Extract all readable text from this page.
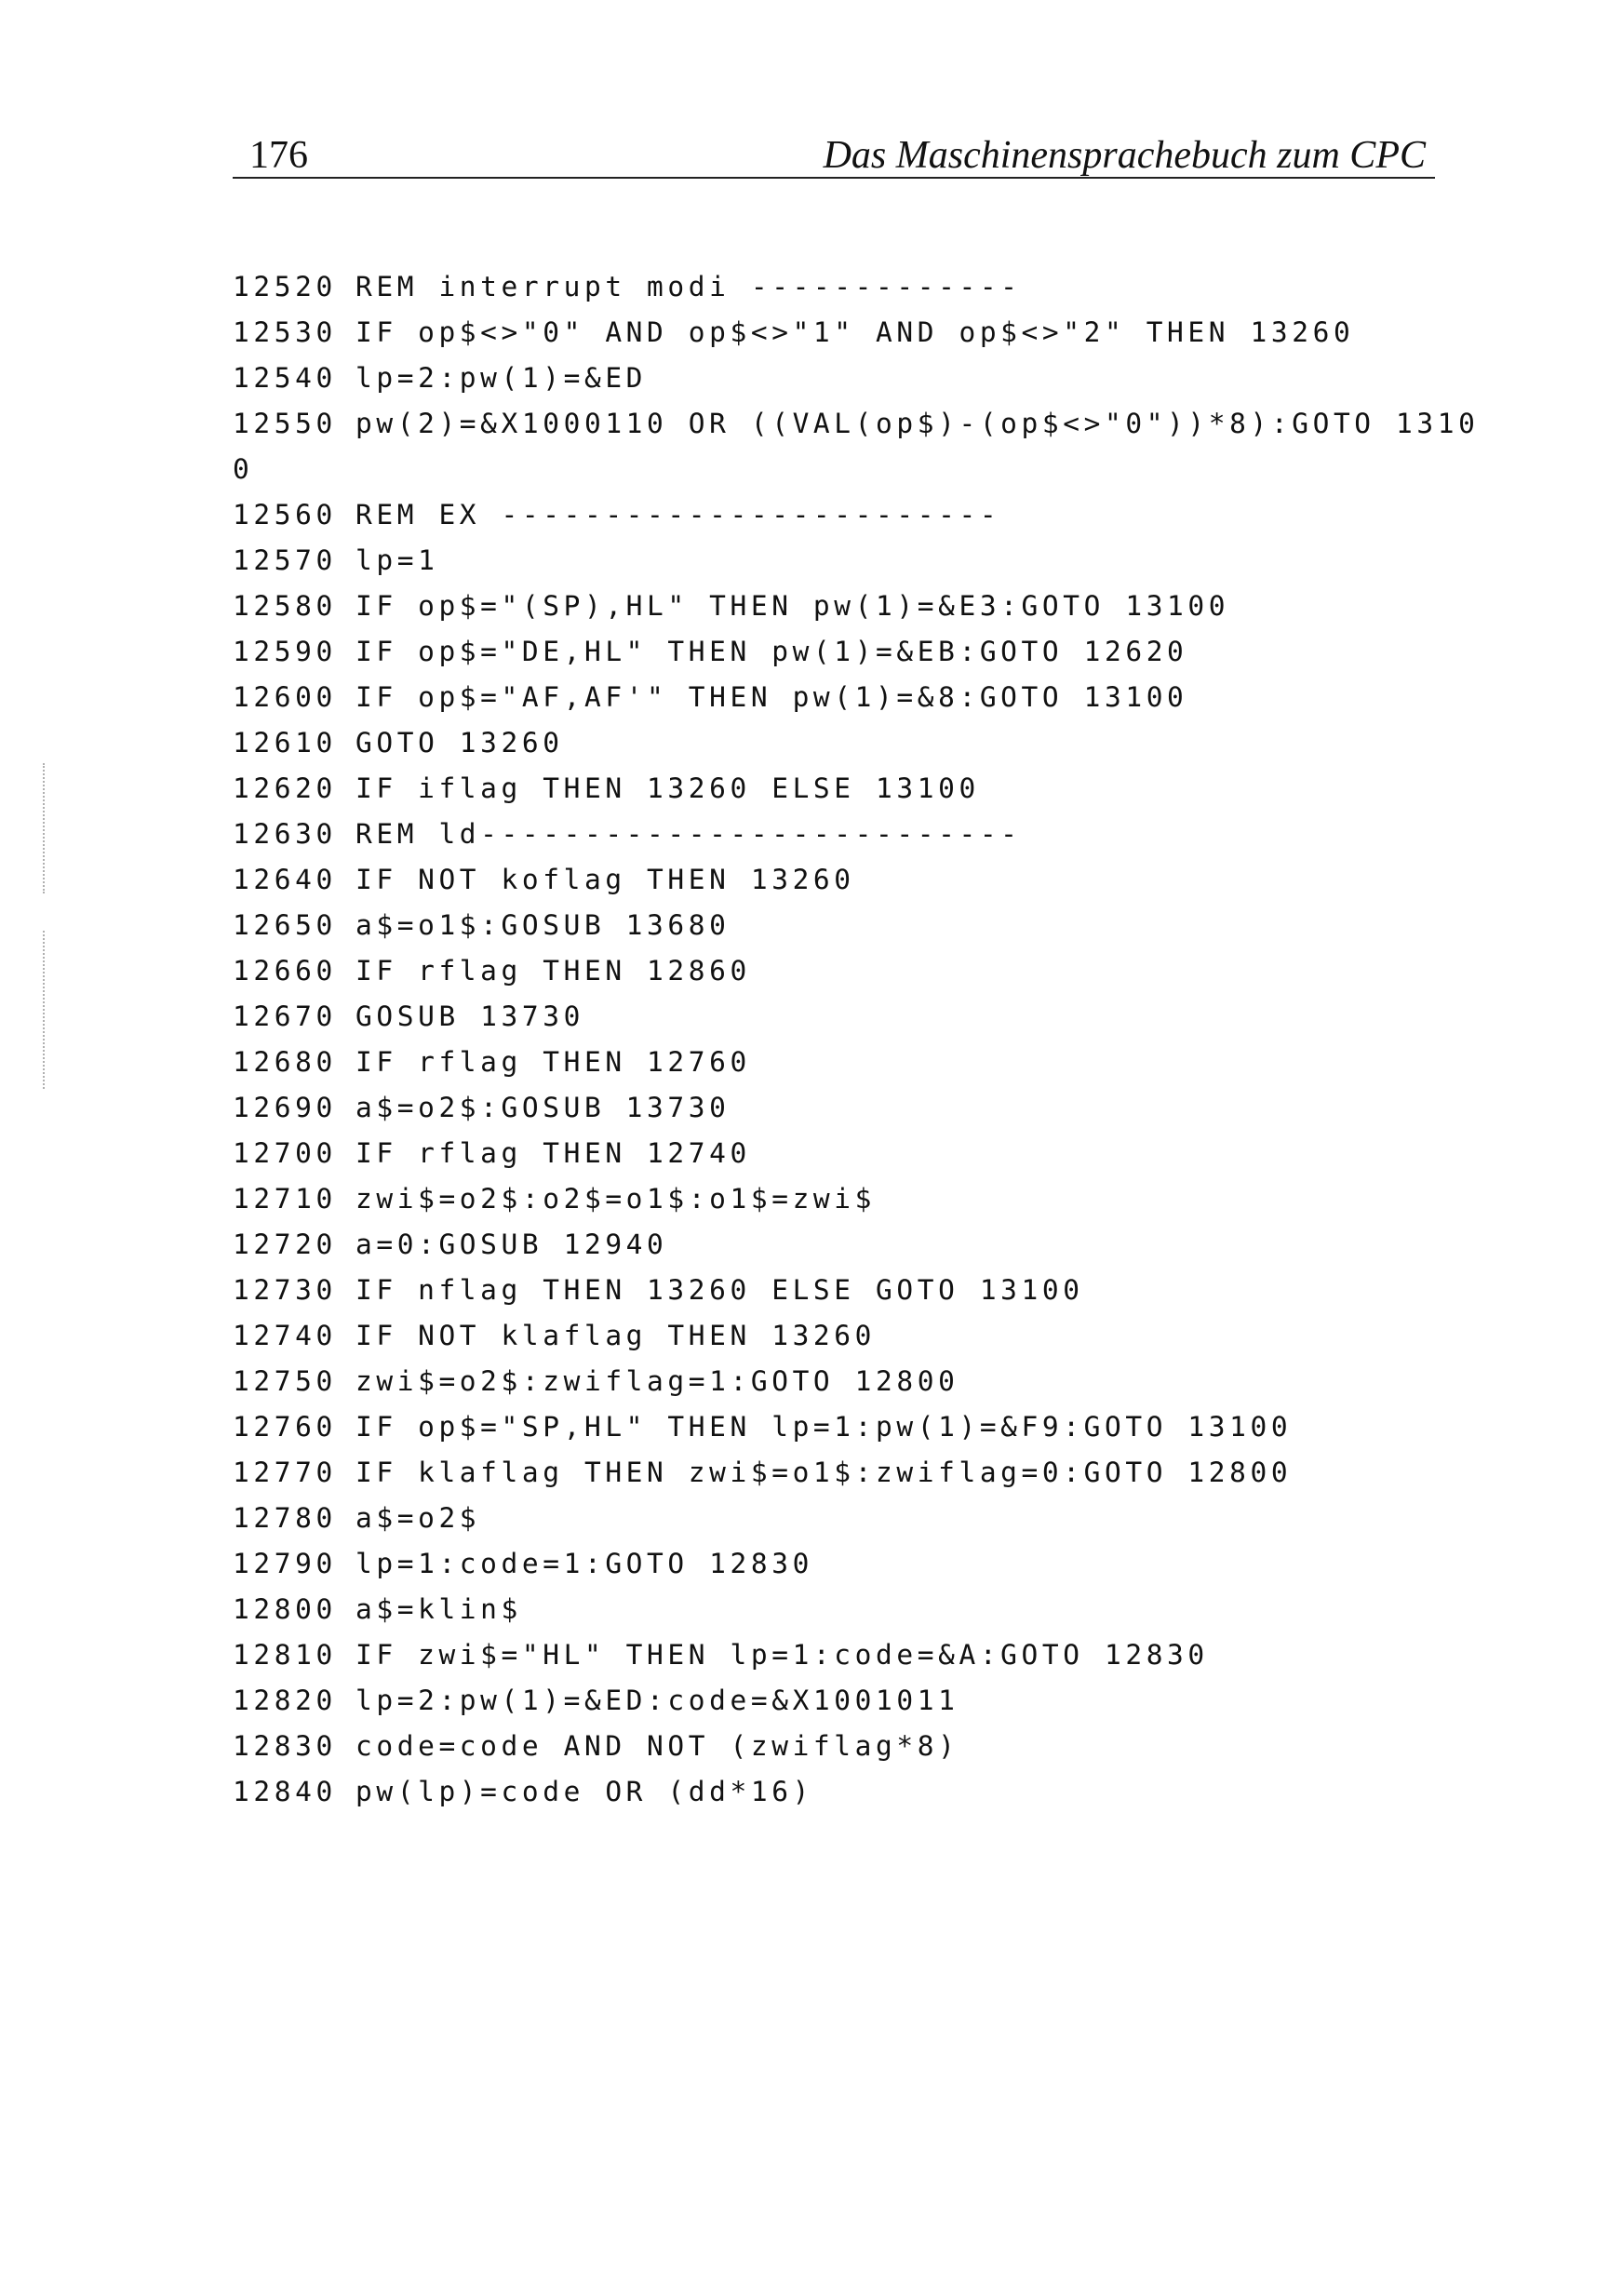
176	Das Maschinensprachebuch zum CPC
12520 REM interrupt modi -------------
12530 IF op$<>"0" AND op$<>"1" AND op$<>"2" THEN 13260
12540 lp=2:pw(1)=&ED
12550 pw(2)=&X1000110 OR ((VAL(op$)-(op$<>"0"))*8):GOTO 1310
0
12560 REM EX ------------------------
12570 lp=1
12580 IF op$="(SP),HL" THEN pw(1)=&E3:GOTO 13100
12590 IF op$="DE,HL" THEN pw(1)=&EB:GOTO 12620
12600 IF op$="AF,AF'" THEN pw(1)=&8:GOTO 13100
12610 GOTO 13260
12620 IF iflag THEN 13260 ELSE 13100
12630 REM ld--------------------------
12640 IF NOT koflag THEN 13260
12650 a$=o1$:GOSUB 13680
12660 IF rflag THEN 12860
12670 GOSUB 13730
12680 IF rflag THEN 12760
12690 a$=o2$:GOSUB 13730
12700 IF rflag THEN 12740
12710 zwi$=o2$:o2$=o1$:o1$=zwi$
12720 a=0:GOSUB 12940
12730 IF nflag THEN 13260 ELSE GOTO 13100
12740 IF NOT klaflag THEN 13260
12750 zwi$=o2$:zwiflag=1:GOTO 12800
12760 IF op$="SP,HL" THEN lp=1:pw(1)=&F9:GOTO 13100
12770 IF klaflag THEN zwi$=o1$:zwiflag=0:GOTO 12800
12780 a$=o2$
12790 lp=1:code=1:GOTO 12830
12800 a$=klin$
12810 IF zwi$="HL" THEN lp=1:code=&A:GOTO 12830
12820 lp=2:pw(1)=&ED:code=&X1001011
12830 code=code AND NOT (zwiflag*8)
12840 pw(lp)=code OR (dd*16)
